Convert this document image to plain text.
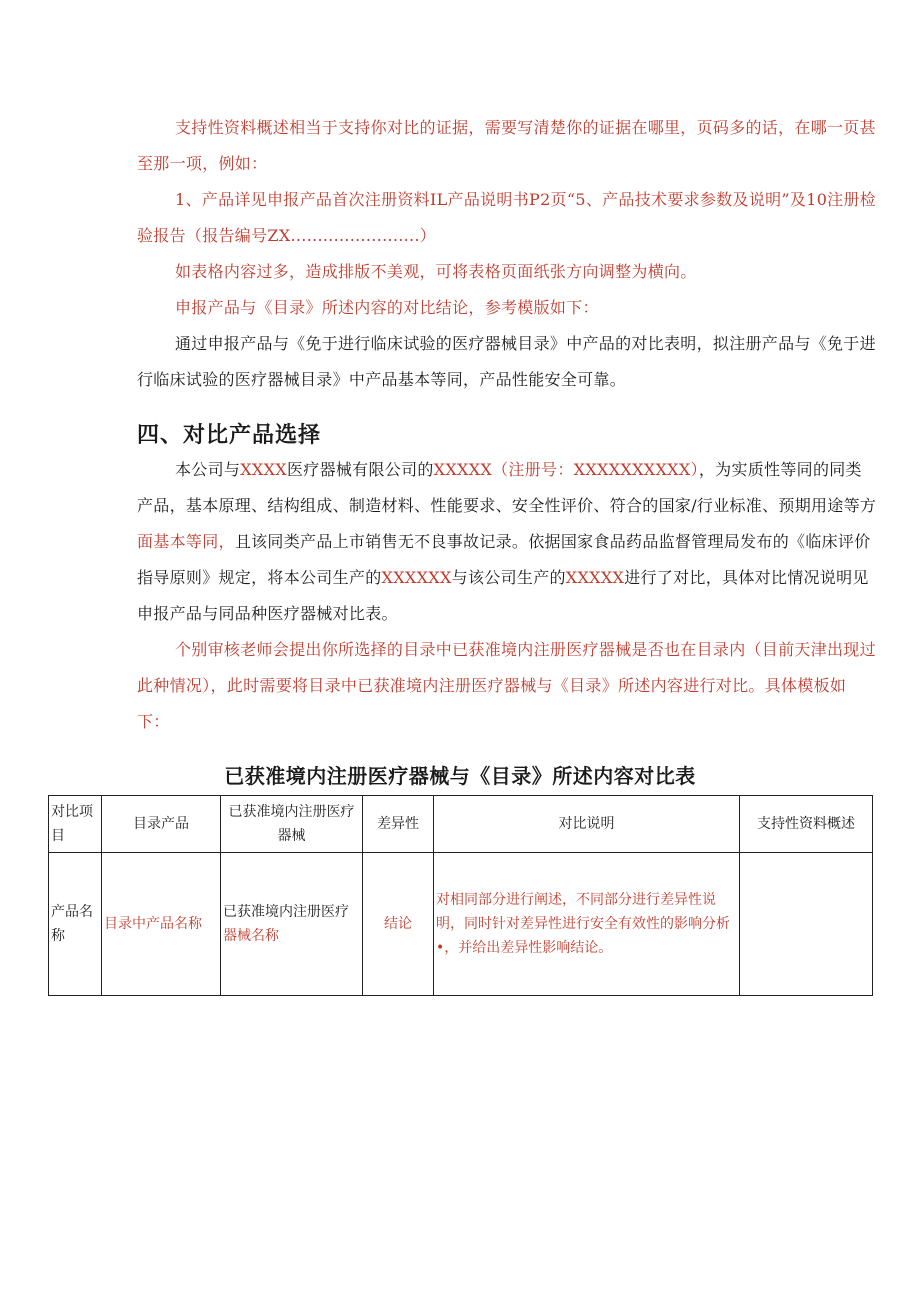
支持性资料概述相当于支持你对比的证据，需要写清楚你的证据在哪里，页码多的话，在哪一页甚至那一项，例如：

1、产品详见申报产品首次注册资料IL产品说明书P2页“5、产品技术要求参数及说明”及10注册检验报告（报告编号ZX........................）

如表格内容过多，造成排版不美观，可将表格页面纸张方向调整为横向。

申报产品与《目录》所述内容的对比结论，参考模版如下：

通过申报产品与《免于进行临床试验的医疗器械目录》中产品的对比表明，拟注册产品与《免于进行临床试验的医疗器械目录》中产品基本等同，产品性能安全可靠。

四、对比产品选择

本公司与XXXX医疗器械有限公司的XXXXX（注册号：XXXXXXXXXX），为实质性等同的同类产品，基本原理、结构组成、制造材料、性能要求、安全性评价、符合的国家/行业标准、预期用途等方面基本等同，且该同类产品上市销售无不良事故记录。依据国家食品药品监督管理局发布的《临床评价指导原则》规定，将本公司生产的XXXXXX与该公司生产的XXXXX进行了对比，具体对比情况说明见申报产品与同品种医疗器械对比表。

个别审核老师会提出你所选择的目录中已获准境内注册医疗器械是否也在目录内（目前天津出现过此种情况），此时需要将目录中已获准境内注册医疗器械与《目录》所述内容进行对比。具体模板如下：

已获准境内注册医疗器械与《目录》所述内容对比表
对比项目	目录产品	已获准境内注册医疗器械	差异性	对比说明	支持性资料概述
产品名称	目录中产品名称	已获准境内注册医疗器械名称	结论	对相同部分进行阐述，不同部分进行差异性说明，同时针对差异性进行安全有效性的影响分析•，并给出差异性影响结论。	
